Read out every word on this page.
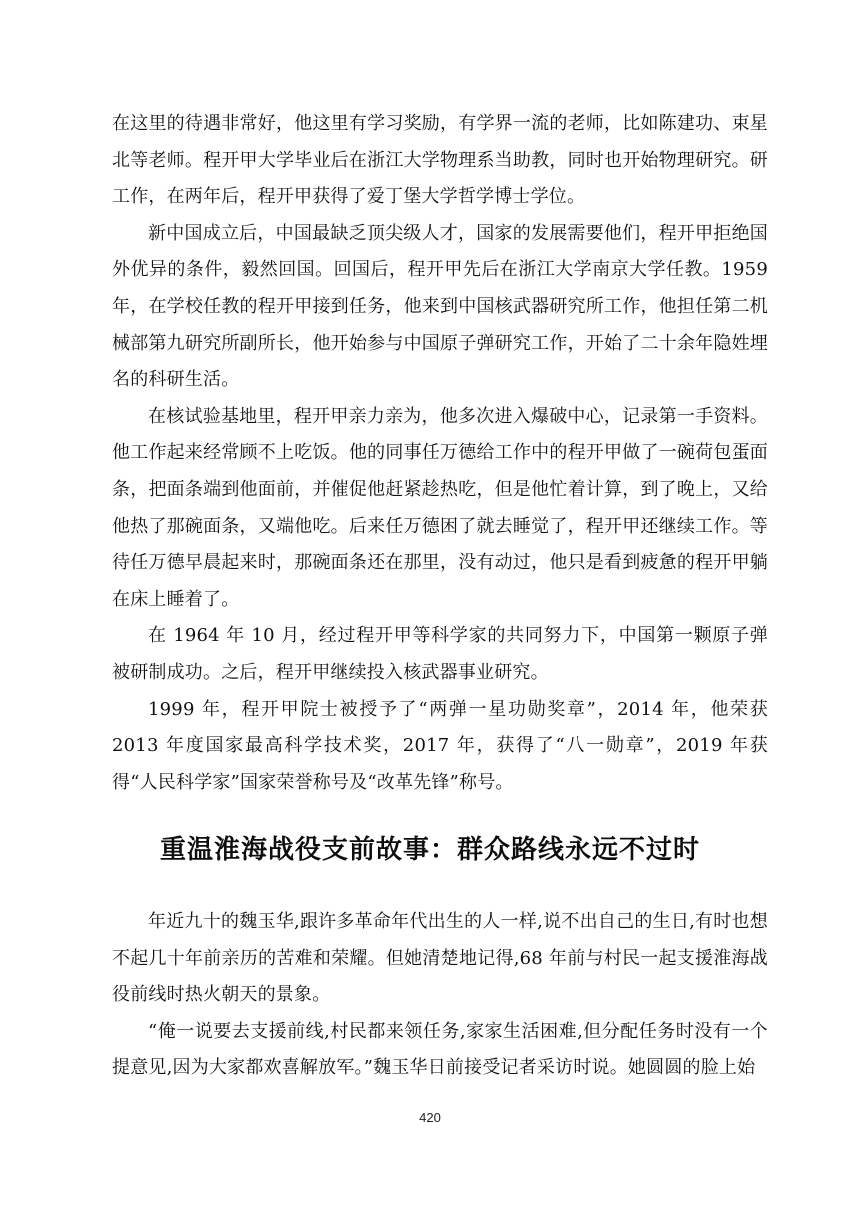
在这里的待遇非常好，他这里有学习奖励，有学界一流的老师，比如陈建功、束星北等老师。程开甲大学毕业后在浙江大学物理系当助教，同时也开始物理研究。研工作，在两年后，程开甲获得了爱丁堡大学哲学博士学位。

新中国成立后，中国最缺乏顶尖级人才，国家的发展需要他们，程开甲拒绝国外优异的条件，毅然回国。回国后，程开甲先后在浙江大学南京大学任教。1959 年，在学校任教的程开甲接到任务，他来到中国核武器研究所工作，他担任第二机械部第九研究所副所长，他开始参与中国原子弹研究工作，开始了二十余年隐姓埋名的科研生活。

在核试验基地里，程开甲亲力亲为，他多次进入爆破中心，记录第一手资料。他工作起来经常顾不上吃饭。他的同事任万德给工作中的程开甲做了一碗荷包蛋面条，把面条端到他面前，并催促他赶紧趁热吃，但是他忙着计算，到了晚上，又给他热了那碗面条，又端他吃。后来任万德困了就去睡觉了，程开甲还继续工作。等待任万德早晨起来时，那碗面条还在那里，没有动过，他只是看到疲惫的程开甲躺在床上睡着了。

在 1964 年 10 月，经过程开甲等科学家的共同努力下，中国第一颗原子弹被研制成功。之后，程开甲继续投入核武器事业研究。

1999 年，程开甲院士被授予了“两弹一星功勋奖章”，2014 年，他荣获 2013 年度国家最高科学技术奖，2017 年，获得了“八一勋章”，2019 年获得“人民科学家”国家荣誉称号及“改革先锋”称号。

重温淮海战役支前故事：群众路线永远不过时

年近九十的魏玉华,跟许多革命年代出生的人一样,说不出自己的生日,有时也想不起几十年前亲历的苦难和荣耀。但她清楚地记得,68 年前与村民一起支援淮海战役前线时热火朝天的景象。

“俺一说要去支援前线,村民都来领任务,家家生活困难,但分配任务时没有一个提意见,因为大家都欢喜解放军。”魏玉华日前接受记者采访时说。她圆圆的脸上始

420
